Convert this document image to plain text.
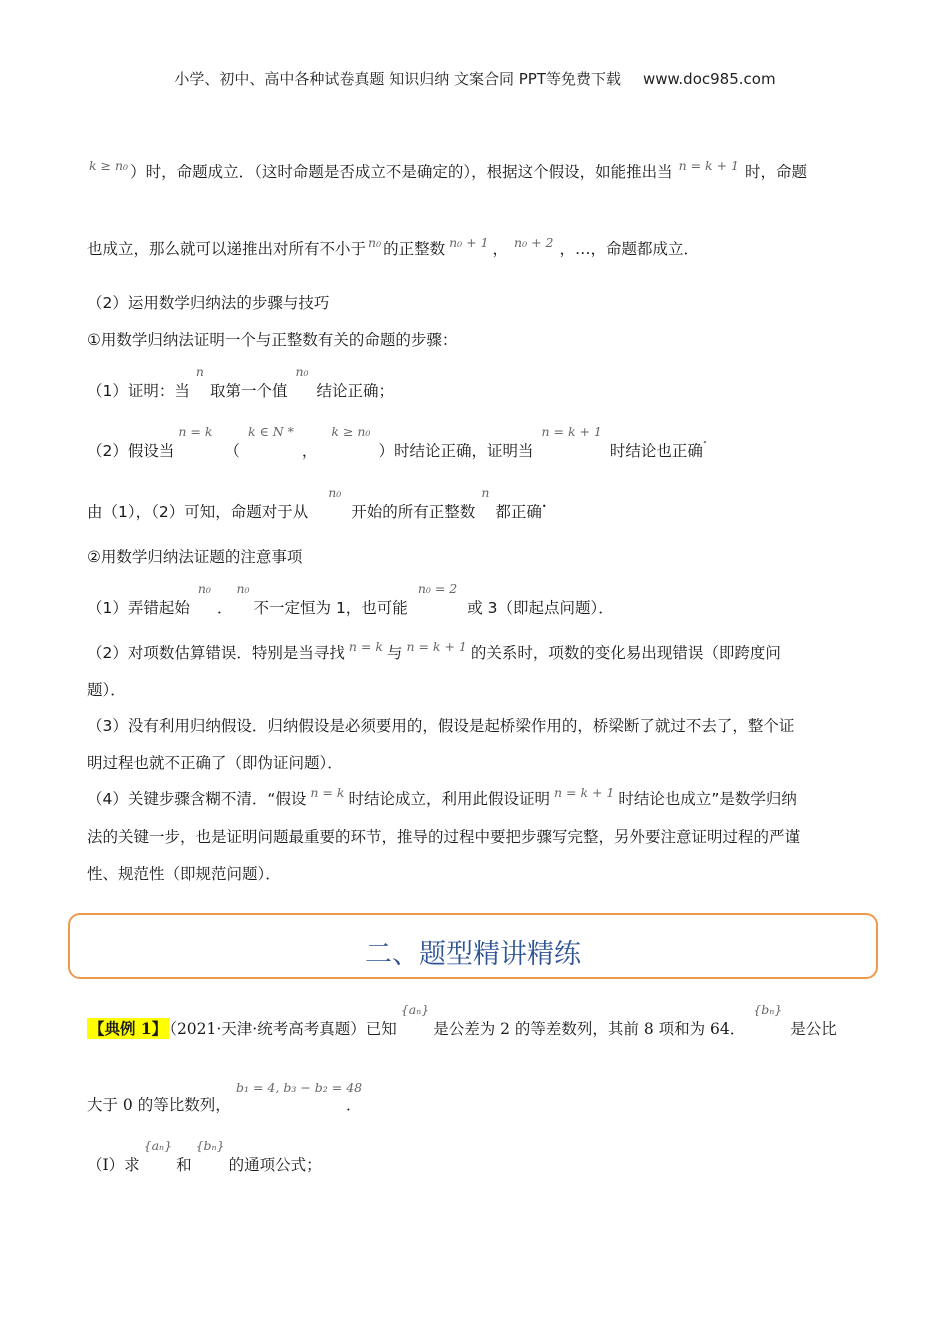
小学、初中、高中各种试卷真题 知识归纳 文案合同 PPT等免费下载 www.doc985.com
$^{k \ge n_0}$ ）时，命题成立．（这时命题是否成立不是确定的），根据这个假设，如能推出当 $^{n = k + 1}$ 时，命题
也成立，那么就可以递推出对所有不小于 $^{n_0}$ 的正整数 $^{n_0 + 1}$ ， $^{n_0 + 2}$ ，…，命题都成立．
（2）运用数学归纳法的步骤与技巧
①用数学归纳法证明一个与正整数有关的命题的步骤：
（1）证明：当$^n$取第一个值$^{n_0}$结论正确；
（2）假设当$^{n = k}$（$^{k \in N *}$，$^{k \ge n_0}$）时结论正确，证明当$^{n = k + 1}$时结论也正确˚
由（1），（2）可知，命题对于从$^{n_0}$开始的所有正整数$^n$都正确•
②用数学归纳法证题的注意事项
（1）弄错起始$^{n_0}$．$^{n_0}$不一定恒为 1，也可能$^{n_0 = 2}$或 3（即起点问题）．
（2）对项数估算错误．特别是当寻找 $^{n = k}$ 与 $^{n = k + 1}$ 的关系时，项数的变化易出现错误（即跨度问
题）．
（3）没有利用归纳假设．归纳假设是必须要用的，假设是起桥梁作用的，桥梁断了就过不去了，整个证
明过程也就不正确了（即伪证问题）．
（4）关键步骤含糊不清．“假设 $^{n = k}$ 时结论成立，利用此假设证明 $^{n = k + 1}$ 时结论也成立”是数学归纳
法的关键一步，也是证明问题最重要的环节，推导的过程中要把步骤写完整，另外要注意证明过程的严谨
性、规范性（即规范问题）．
二、题型精讲精练
【典例 1】 （2021·天津·统考高考真题）已知$^{\{a_n\}}$是公差为 2 的等差数列，其前 8 项和为 64．$^{\{b_n\}}$是公比
大于 0 的等比数列，
b₁ = 4, b₃ − b₂ = 48
．
（I）求$^{\{a_n\}}$和$^{\{b_n\}}$的通项公式；
